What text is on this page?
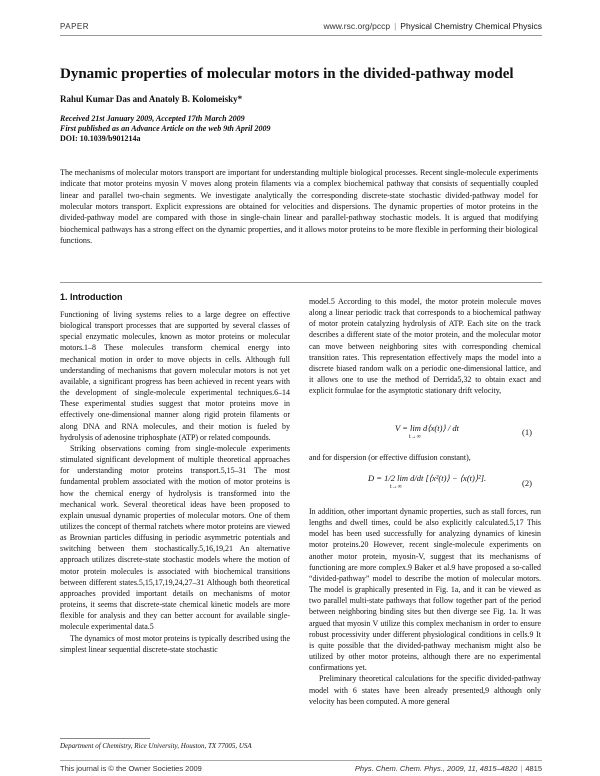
PAPER	www.rsc.org/pccp | Physical Chemistry Chemical Physics
Dynamic properties of molecular motors in the divided-pathway model
Rahul Kumar Das and Anatoly B. Kolomeisky*
Received 21st January 2009, Accepted 17th March 2009
First published as an Advance Article on the web 9th April 2009
DOI: 10.1039/b901214a
The mechanisms of molecular motors transport are important for understanding multiple biological processes. Recent single-molecule experiments indicate that motor proteins myosin V moves along protein filaments via a complex biochemical pathway that consists of sequentially coupled linear and parallel two-chain segments. We investigate analytically the corresponding discrete-state stochastic divided-pathway model for molecular motors transport. Explicit expressions are obtained for velocities and dispersions. The dynamic properties of motor proteins in the divided-pathway model are compared with those in single-chain linear and parallel-pathway stochastic models. It is argued that modifying biochemical pathways has a strong effect on the dynamic properties, and it allows motor proteins to be more flexible in performing their biological functions.
1. Introduction

Functioning of living systems relies to a large degree on effective biological transport processes that are supported by several classes of special enzymatic molecules, known as motor proteins or molecular motors.1–8 These molecules transform chemical energy into mechanical motion in order to move objects in cells. Although full understanding of mechanisms that govern molecular motors is not yet available, a significant progress has been achieved in recent years with the development of single-molecule experimental techniques.6–14 These experimental studies suggest that motor proteins move in effectively one-dimensional manner along rigid protein filaments or along DNA and RNA molecules, and their motion is fueled by hydrolysis of adenosine triphosphate (ATP) or related compounds.

Striking observations coming from single-molecule experiments stimulated significant development of multiple theoretical approaches for understanding motor proteins transport.5,15–31 The most fundamental problem associated with the motion of motor proteins is how the chemical energy of hydrolysis is transformed into the mechanical work. Several theoretical ideas have been proposed to explain unusual dynamic properties of molecular motors. One of them utilizes the concept of thermal ratchets where motor proteins are viewed as Brownian particles diffusing in periodic asymmetric potentials and switching between them stochastically.5,16,19,21 An alternative approach utilizes discrete-state stochastic models where the motion of motor protein molecules is associated with biochemical transitions between different states.5,15,17,19,24,27–31 Although both theoretical approaches provided important details on mechanisms of motor proteins, it seems that discrete-state chemical kinetic models are more flexible for analysis and they can better account for available single-molecule experimental data.5

The dynamics of most motor proteins is typically described using the simplest linear sequential discrete-state stochastic

model.5 According to this model, the motor protein molecule moves along a linear periodic track that corresponds to a biochemical pathway of motor protein catalyzing hydrolysis of ATP. Each site on the track describes a different state of the motor protein, and the molecular motor can move between neighboring sites with corresponding chemical transition rates. This representation effectively maps the model into a discrete biased random walk on a periodic one-dimensional lattice, and it allows one to use the method of Derrida5,32 to obtain exact and explicit formulae for the asymptotic stationary drift velocity,

V = lim d⟨x(t)⟩ / dt
t→∞	(1)

and for dispersion (or effective diffusion constant),

D = 1/2 lim d/dt [⟨x²(t)⟩ − ⟨x(t)⟩²].
t→∞	(2)

In addition, other important dynamic properties, such as stall forces, run lengths and dwell times, could be also explicitly calculated.5,17 This model has been used successfully for analyzing dynamics of kinesin motor proteins.20 However, recent single-molecule experiments on another motor protein, myosin-V, suggest that its mechanisms of functioning are more complex.9 Baker et al.9 have proposed a so-called “divided-pathway” model to describe the motion of molecular motors. The model is graphically presented in Fig. 1a, and it can be viewed as two parallel multi-state pathways that follow together part of the period between neighboring binding sites but then diverge see Fig. 1a. It was argued that myosin V utilize this complex mechanism in order to ensure robust processivity under different physiological conditions in cells.9 It is quite possible that the divided-pathway mechanism might also be utilized by other motor proteins, although there are no experimental confirmations yet.

Preliminary theoretical calculations for the specific divided-pathway model with 6 states have been already presented,9 although only velocity has been computed. A more general

Department of Chemistry, Rice University, Houston, TX 77005, USA
This journal is © the Owner Societies 2009	Phys. Chem. Chem. Phys., 2009, 11, 4815–4820 | 4815
